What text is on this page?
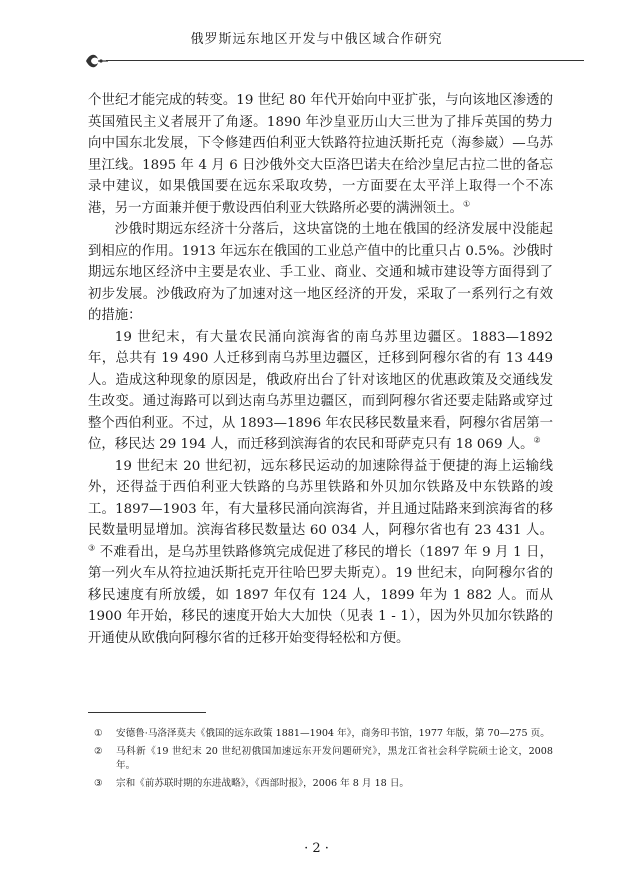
俄罗斯远东地区开发与中俄区域合作研究

个世纪才能完成的转变。19 世纪 80 年代开始向中亚扩张，与向该地区渗透的英国殖民主义者展开了角逐。1890 年沙皇亚历山大三世为了排斥英国的势力向中国东北发展，下令修建西伯利亚大铁路符拉迪沃斯托克（海参崴）—乌苏里江线。1895 年 4 月 6 日沙俄外交大臣洛巴诺夫在给沙皇尼古拉二世的备忘录中建议，如果俄国要在远东采取攻势，一方面要在太平洋上取得一个不冻港，另一方面兼并便于敷设西伯利亚大铁路所必要的满洲领土。①

沙俄时期远东经济十分落后，这块富饶的土地在俄国的经济发展中没能起到相应的作用。1913 年远东在俄国的工业总产值中的比重只占 0.5%。沙俄时期远东地区经济中主要是农业、手工业、商业、交通和城市建设等方面得到了初步发展。沙俄政府为了加速对这一地区经济的开发，采取了一系列行之有效的措施：

19 世纪末，有大量农民涌向滨海省的南乌苏里边疆区。1883—1892 年，总共有 19 490 人迁移到南乌苏里边疆区，迁移到阿穆尔省的有 13 449 人。造成这种现象的原因是，俄政府出台了针对该地区的优惠政策及交通线发生改变。通过海路可以到达南乌苏里边疆区，而到阿穆尔省还要走陆路或穿过整个西伯利亚。不过，从 1893—1896 年农民移民数量来看，阿穆尔省居第一位，移民达 29 194 人，而迁移到滨海省的农民和哥萨克只有 18 069 人。②

19 世纪末 20 世纪初，远东移民运动的加速除得益于便捷的海上运输线外，还得益于西伯利亚大铁路的乌苏里铁路和外贝加尔铁路及中东铁路的竣工。1897—1903 年，有大量移民涌向滨海省，并且通过陆路来到滨海省的移民数量明显增加。滨海省移民数量达 60 034 人，阿穆尔省也有 23 431 人。③ 不难看出，是乌苏里铁路修筑完成促进了移民的增长（1897 年 9 月 1 日，第一列火车从符拉迪沃斯托克开往哈巴罗夫斯克）。19 世纪末，向阿穆尔省的移民速度有所放缓，如 1897 年仅有 124 人，1899 年为 1 882 人。而从 1900 年开始，移民的速度开始大大加快（见表 1 - 1），因为外贝加尔铁路的开通使从欧俄向阿穆尔省的迁移开始变得轻松和方便。

①	安德鲁·马洛泽莫夫《俄国的远东政策 1881—1904 年》，商务印书馆，1977 年版，第 70—275 页。
②	马科新《19 世纪末 20 世纪初俄国加速远东开发问题研究》，黑龙江省社会科学院硕士论文，2008 年。
③	宗和《前苏联时期的东进战略》，《西部时报》，2006 年 8 月 18 日。
· 2 ·
